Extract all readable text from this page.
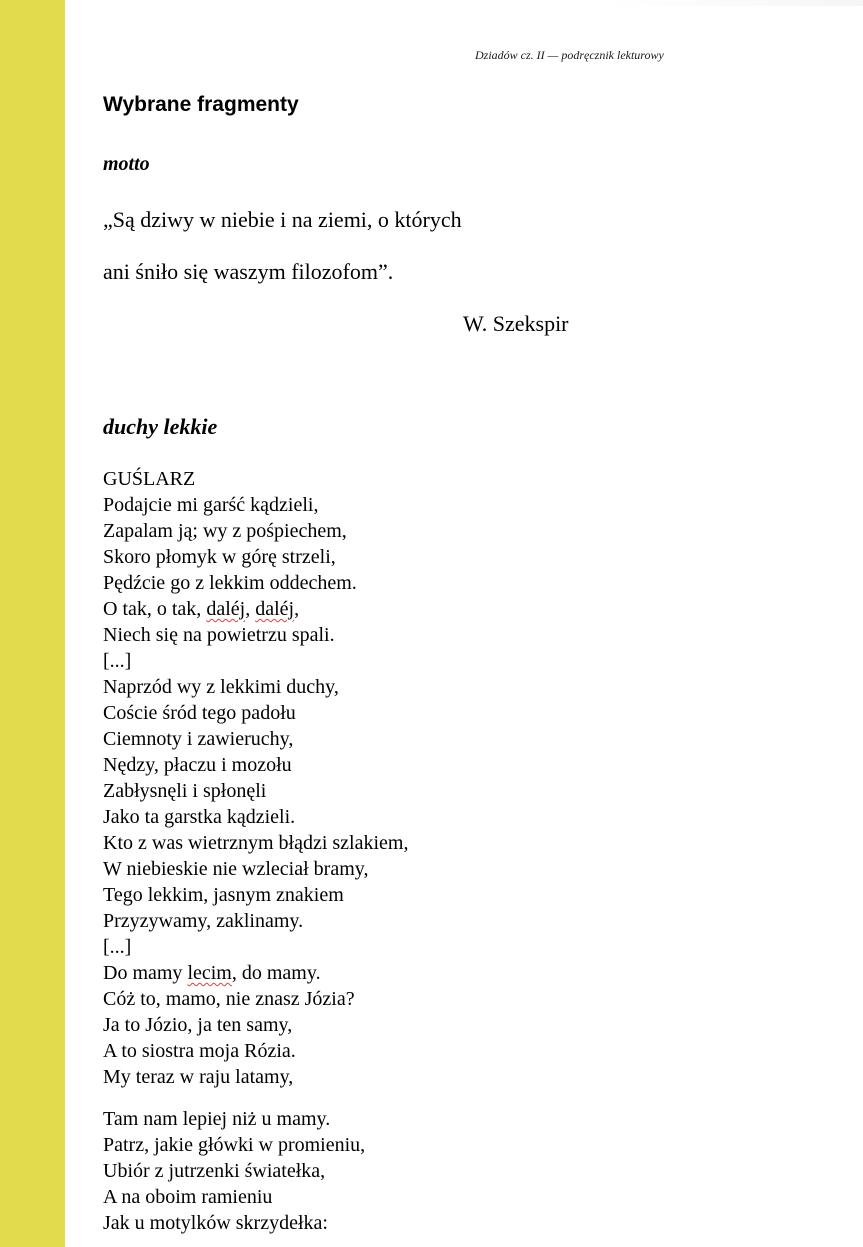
Dziadów cz. II — podręcznik lekturowy
Wybrane fragmenty
motto
„Są dziwy w niebie i na ziemi, o których
ani śniło się waszym filozofom”.
W. Szekspir
duchy lekkie
GUŚLARZ
Podajcie mi garść kądzieli,
Zapalam ją; wy z pośpiechem,
Skoro płomyk w górę strzeli,
Pędźcie go z lekkim oddechem.
O tak, o tak, daléj, daléj,
Niech się na powietrzu spali.
[...]
Naprzód wy z lekkimi duchy,
Coście śród tego padołu
Ciemnoty i zawieruchy,
Nędzy, płaczu i mozołu
Zabłysnęli i spłonęli
Jako ta garstka kądzieli.
Kto z was wietrznym błądzi szlakiem,
W niebieskie nie wzleciał bramy,
Tego lekkim, jasnym znakiem
Przyzywamy, zaklinamy.
[...]
Do mamy lecim, do mamy.
Cóż to, mamo, nie znasz Józia?
Ja to Józio, ja ten samy,
A to siostra moja Rózia.
My teraz w raju latamy,
Tam nam lepiej niż u mamy.
Patrz, jakie główki w promieniu,
Ubiór z jutrzenki światełka,
A na oboim ramieniu
Jak u motylków skrzydełka:
